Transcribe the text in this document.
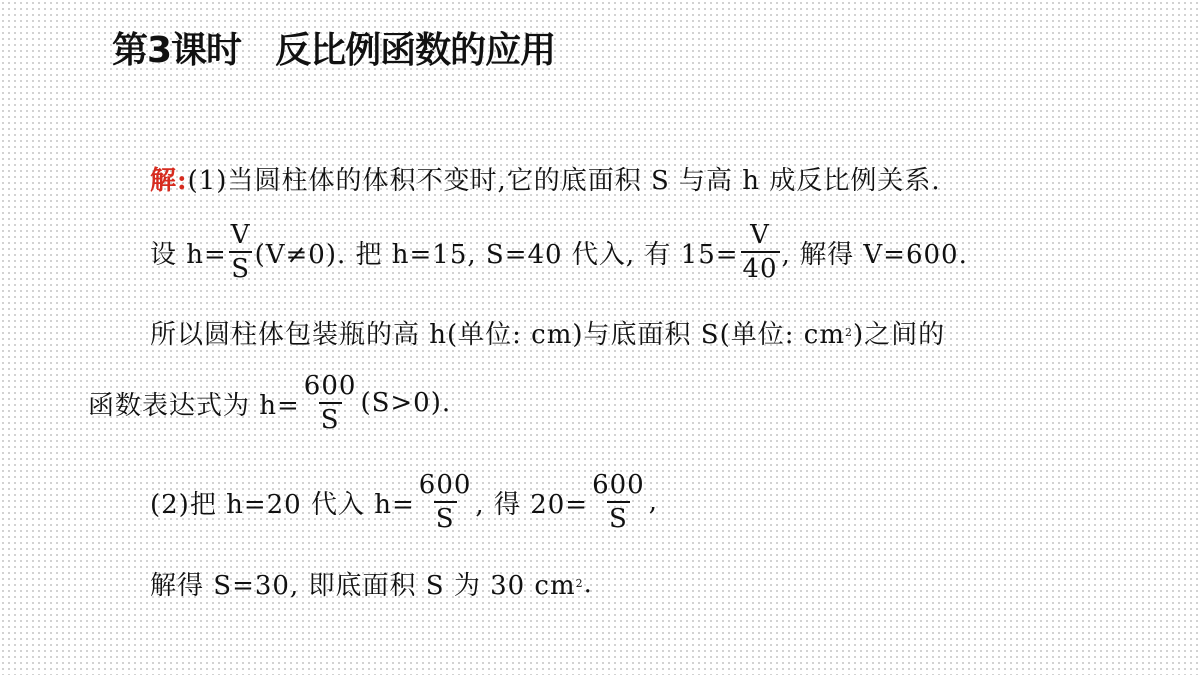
第3课时 反比例函数的应用
解: (1)当圆柱体的体积不变时,它的底面积 S 与高 h 成反比例关系.
设 $h= \frac{V}{S} (V\ne 0)$. 把 h=15, S=40 代入, 有 $15= \frac{V}{40}$ , 解得 V=600.
所以圆柱体包装瓶的高 h(单位: cm)与底面积 S(单位: cm 2 )之间的
函数表达式为 $h= \frac{600}{S} (S>0)$.
(2)把 h=20 代入 $h= \frac{600}{S}$ , 得 $20= \frac{600}{S}$ ,
解得 S=30, 即底面积 S 为 30 cm 2 .
